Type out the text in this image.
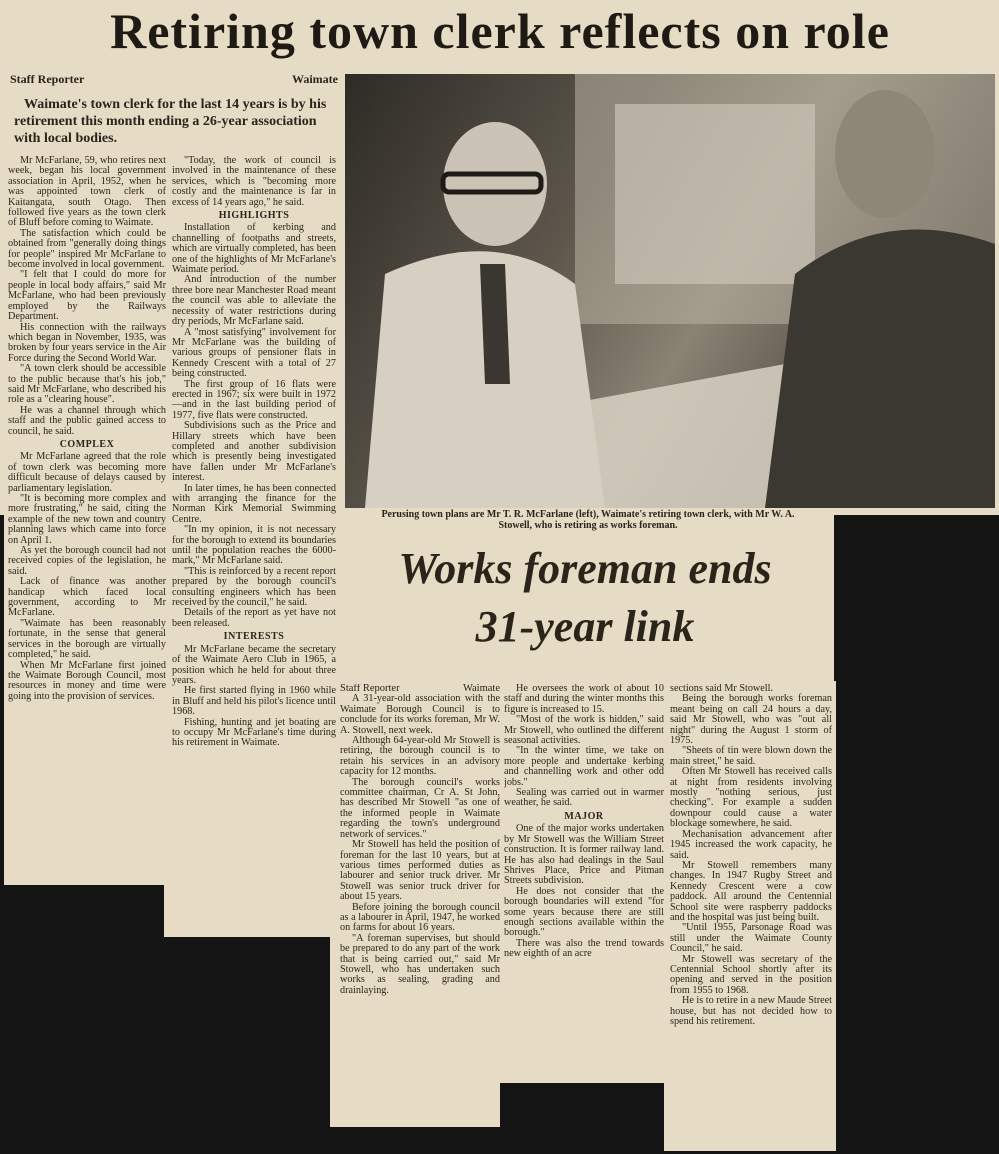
Retiring town clerk reflects on role
Staff Reporter	Waimate
Waimate's town clerk for the last 14 years is by his retirement this month ending a 26-year association with local bodies.

Mr McFarlane, 59, who retires next week, began his local government association in April, 1952, when he was appointed town clerk of Kaitangata, south Otago. Then followed five years as the town clerk of Bluff before coming to Waimate.

The satisfaction which could be obtained from "generally doing things for people" inspired Mr McFarlane to become involved in local government.

"I felt that I could do more for people in local body affairs," said Mr McFarlane, who had been previously employed by the Railways Department.

His connection with the railways which began in November, 1935, was broken by four years service in the Air Force during the Second World War.

"A town clerk should be accessible to the public because that's his job," said Mr McFarlane, who described his role as a "clearing house".

He was a channel through which staff and the public gained access to council, he said.

COMPLEX

Mr McFarlane agreed that the role of town clerk was becoming more difficult because of delays caused by parliamentary legislation.

"It is becoming more complex and more frustrating," he said, citing the example of the new town and country planning laws which came into force on April 1.

As yet the borough council had not received copies of the legislation, he said.

Lack of finance was another handicap which faced local government, according to Mr McFarlane.

"Waimate has been reasonably fortunate, in the sense that general services in the borough are virtually completed," he said.

When Mr McFarlane first joined the Waimate Borough Council, most resources in money and time were going into the provision of services.

"Today, the work of council is involved in the maintenance of these services, which is "becoming more costly and the maintenance is far in excess of 14 years ago," he said.

HIGHLIGHTS

Installation of kerbing and channelling of footpaths and streets, which are virtually completed, has been one of the highlights of Mr McFarlane's Waimate period.

And introduction of the number three bore near Manchester Road meant the council was able to alleviate the necessity of water restrictions during dry periods, Mr McFarlane said.

A "most satisfying" involvement for Mr McFarlane was the building of various groups of pensioner flats in Kennedy Crescent with a total of 27 being constructed.

The first group of 16 flats were erected in 1967; six were built in 1972 —and in the last building period of 1977, five flats were constructed.

Subdivisions such as the Price and Hillary streets which have been completed and another subdivision which is presently being investigated have fallen under Mr McFarlane's interest.

In later times, he has been connected with arranging the finance for the Norman Kirk Memorial Swimming Centre.

"In my opinion, it is not necessary for the borough to extend its boundaries until the population reaches the 6000-mark," Mr McFarlane said.

"This is reinforced by a recent report prepared by the borough council's consulting engineers which has been received by the council," he said.

Details of the report as yet have not been released.

INTERESTS

Mr McFarlane became the secretary of the Waimate Aero Club in 1965, a position which he held for about three years.

He first started flying in 1960 while in Bluff and held his pilot's licence until 1968.

Fishing, hunting and jet boating are to occupy Mr McFarlane's time during his retirement in Waimate.

Perusing town plans are Mr T. R. McFarlane (left), Waimate's retiring town clerk, with Mr W. A. Stowell, who is retiring as works foreman.
Works foreman ends
31-year link
Staff Reporter	Waimate

A 31-year-old association with the Waimate Borough Council is to conclude for its works foreman, Mr W. A. Stowell, next week.

Although 64-year-old Mr Stowell is retiring, the borough council is to retain his services in an advisory capacity for 12 months.

The borough council's works committee chairman, Cr A. St John, has described Mr Stowell "as one of the informed people in Waimate regarding the town's underground network of services."

Mr Stowell has held the position of foreman for the last 10 years, but at various times performed duties as labourer and senior truck driver. Mr Stowell was senior truck driver for about 15 years.

Before joining the borough council as a labourer in April, 1947, he worked on farms for about 16 years.

"A foreman supervises, but should be prepared to do any part of the work that is being carried out," said Mr Stowell, who has undertaken such works as sealing, grading and drainlaying.

He oversees the work of about 10 staff and during the winter months this figure is increased to 15.

"Most of the work is hidden," said Mr Stowell, who outlined the different seasonal activities.

"In the winter time, we take on more people and undertake kerbing and channelling work and other odd jobs."

Sealing was carried out in warmer weather, he said.

MAJOR

One of the major works undertaken by Mr Stowell was the William Street construction. It is former railway land. He has also had dealings in the Saul Shrives Place, Price and Pitman Streets subdivision.

He does not consider that the borough boundaries will extend "for some years because there are still enough sections available within the borough."

There was also the trend towards new eighth of an acre

sections said Mr Stowell.

Being the borough works foreman meant being on call 24 hours a day, said Mr Stowell, who was "out all night" during the August 1 storm of 1975.

"Sheets of tin were blown down the main street," he said.

Often Mr Stowell has received calls at night from residents involving mostly "nothing serious, just checking". For example a sudden downpour could cause a water blockage somewhere, he said.

Mechanisation advancement after 1945 increased the work capacity, he said.

Mr Stowell remembers many changes. In 1947 Rugby Street and Kennedy Crescent were a cow paddock. All around the Centennial School site were raspberry paddocks and the hospital was just being built.

"Until 1955, Parsonage Road was still under the Waimate County Council," he said.

Mr Stowell was secretary of the Centennial School shortly after its opening and served in the position from 1955 to 1968.

He is to retire in a new Maude Street house, but has not decided how to spend his retirement.
